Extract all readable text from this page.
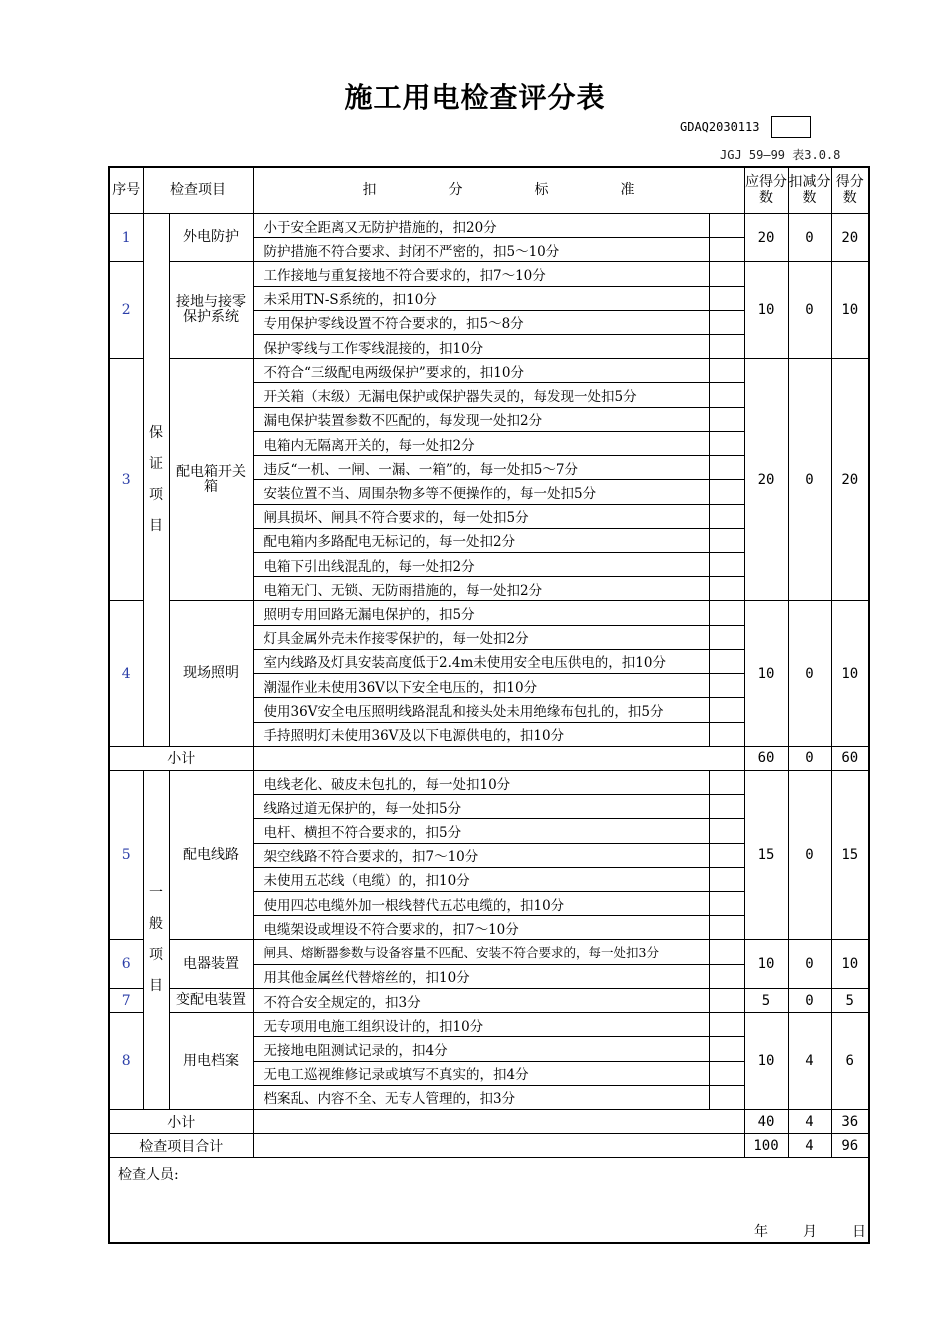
施工用电检查评分表
GDAQ2030113
JGJ 59—99 表3.0.8
序号	检查项目		扣分标准		应得分数	扣减分数	得分数
1	保证项目	外电防护	小于安全距离又无防护措施的，扣20分		20	0	20
			防护措施不符合要求、封闭不严密的，扣5～10分				
2		接地与接零保护系统	工作接地与重复接地不符合要求的，扣7～10分		10	0	10
			未采用TN-S系统的，扣10分				
			专用保护零线设置不符合要求的，扣5～8分				
			保护零线与工作零线混接的，扣10分				
3		配电箱开关箱	不符合“三级配电两级保护”要求的，扣10分		20	0	20
			开关箱（末级）无漏电保护或保护器失灵的，每发现一处扣5分				
			漏电保护装置参数不匹配的，每发现一处扣2分				
			电箱内无隔离开关的，每一处扣2分				
			违反“一机、一闸、一漏、一箱”的，每一处扣5～7分				
			安装位置不当、周围杂物多等不便操作的，每一处扣5分				
			闸具损坏、闸具不符合要求的，每一处扣5分				
			配电箱内多路配电无标记的，每一处扣2分				
			电箱下引出线混乱的，每一处扣2分				
			电箱无门、无锁、无防雨措施的，每一处扣2分				
4		现场照明	照明专用回路无漏电保护的，扣5分		10	0	10
			灯具金属外壳未作接零保护的，每一处扣2分				
			室内线路及灯具安装高度低于2.4m未使用安全电压供电的，扣10分				
			潮湿作业未使用36V以下安全电压的，扣10分				
			使用36V安全电压照明线路混乱和接头处未用绝缘布包扎的，扣5分				
			手持照明灯未使用36V及以下电源供电的，扣10分				
小计					60	0	60
5	一般项目	配电线路	电线老化、破皮未包扎的，每一处扣10分		15	0	15
			线路过道无保护的，每一处扣5分				
			电杆、横担不符合要求的，扣5分				
			架空线路不符合要求的，扣7～10分				
			未使用五芯线（电缆）的，扣10分				
			使用四芯电缆外加一根线替代五芯电缆的，扣10分				
			电缆架设或埋设不符合要求的，扣7～10分				
6		电器装置	闸具、熔断器参数与设备容量不匹配、安装不符合要求的，每一处扣3分		10	0	10
			用其他金属丝代替熔丝的，扣10分				
7		变配电装置	不符合安全规定的，扣3分		5	0	5
8		用电档案	无专项用电施工组织设计的，扣10分		10	4	6
			无接地电阻测试记录的，扣4分				
			无电工巡视维修记录或填写不真实的，扣4分				
			档案乱、内容不全、无专人管理的，扣3分				
小计					40	4	36
检查项目合计					100	4	96
检查人员:							
年	月	日
